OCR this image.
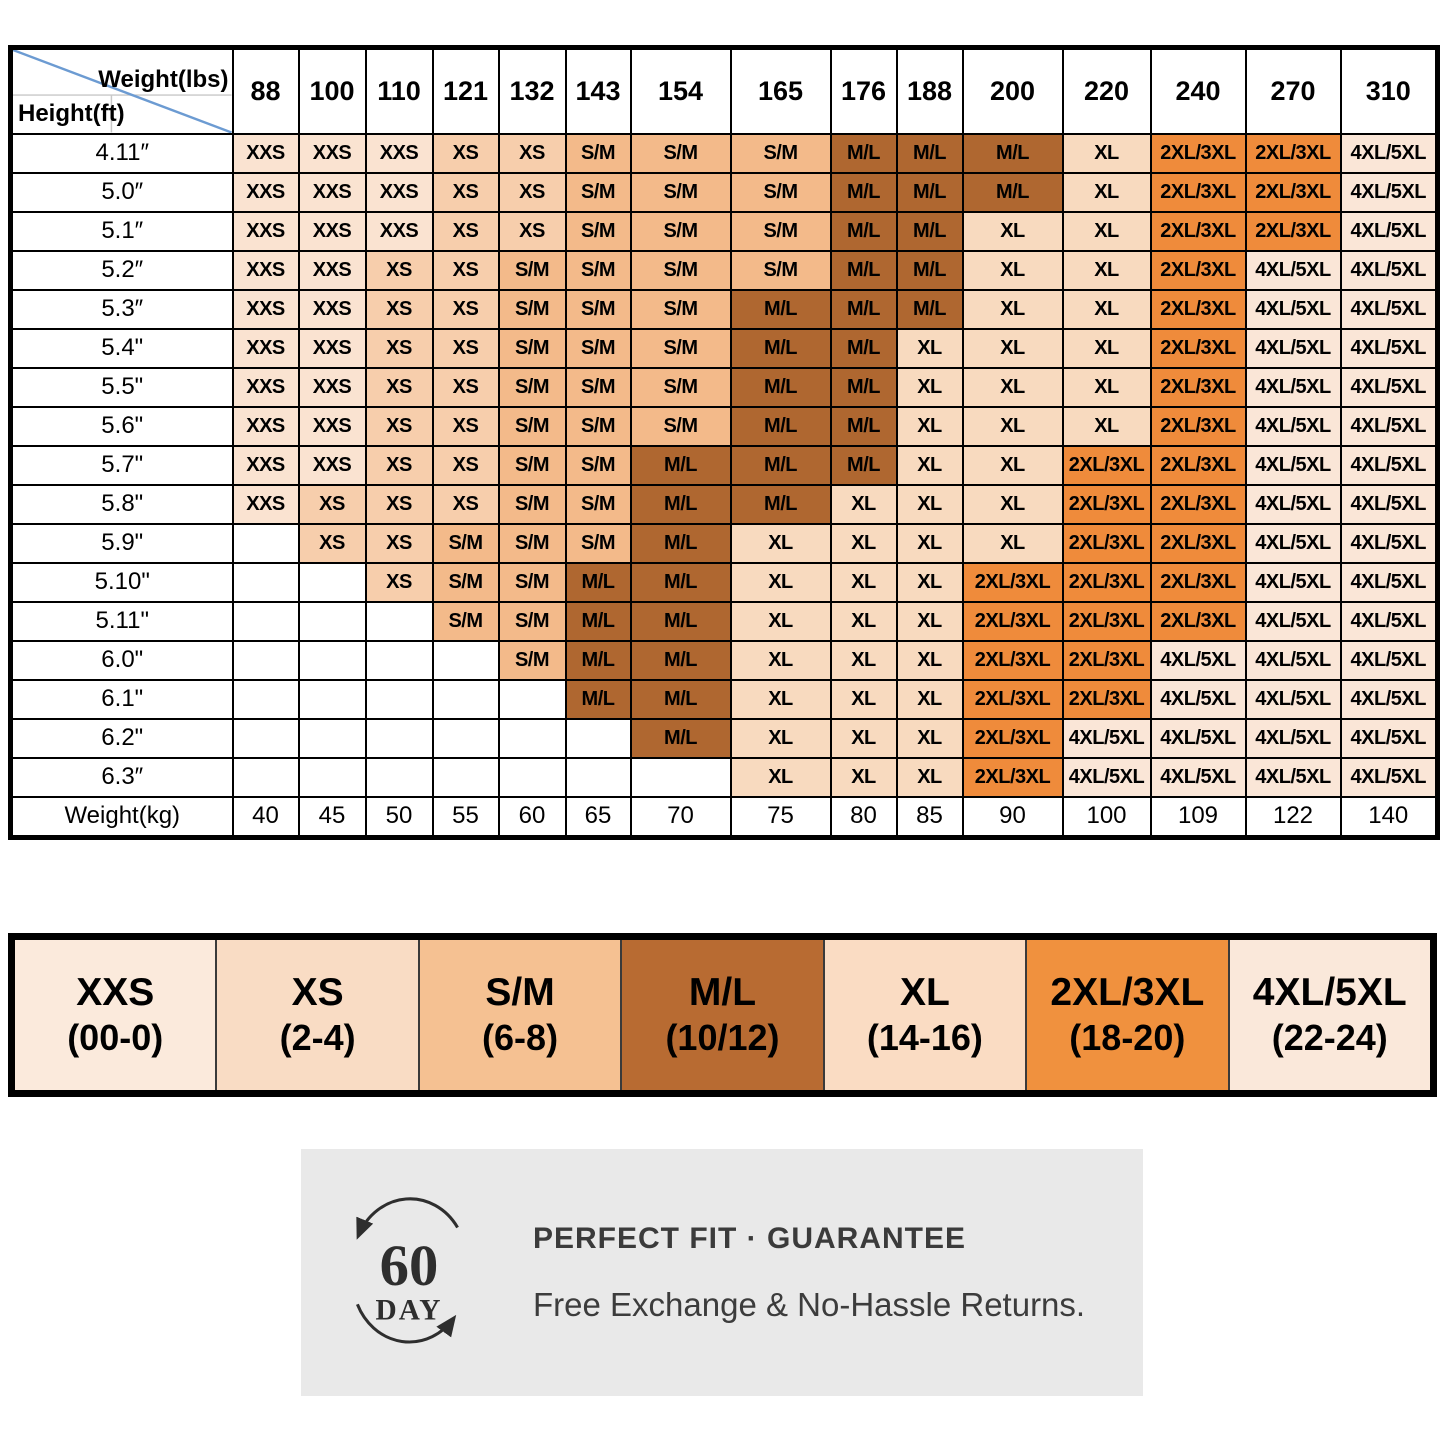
Weight(lbs)
Height(ft)	88	100	110	121	132	143	154	165	176	188	200	220	240	270	310
4.11″	XXS	XXS	XXS	XS	XS	S/M	S/M	S/M	M/L	M/L	M/L	XL	2XL/3XL	2XL/3XL	4XL/5XL
5.0″	XXS	XXS	XXS	XS	XS	S/M	S/M	S/M	M/L	M/L	M/L	XL	2XL/3XL	2XL/3XL	4XL/5XL
5.1″	XXS	XXS	XXS	XS	XS	S/M	S/M	S/M	M/L	M/L	XL	XL	2XL/3XL	2XL/3XL	4XL/5XL
5.2″	XXS	XXS	XS	XS	S/M	S/M	S/M	S/M	M/L	M/L	XL	XL	2XL/3XL	4XL/5XL	4XL/5XL
5.3″	XXS	XXS	XS	XS	S/M	S/M	S/M	M/L	M/L	M/L	XL	XL	2XL/3XL	4XL/5XL	4XL/5XL
5.4"	XXS	XXS	XS	XS	S/M	S/M	S/M	M/L	M/L	XL	XL	XL	2XL/3XL	4XL/5XL	4XL/5XL
5.5"	XXS	XXS	XS	XS	S/M	S/M	S/M	M/L	M/L	XL	XL	XL	2XL/3XL	4XL/5XL	4XL/5XL
5.6"	XXS	XXS	XS	XS	S/M	S/M	S/M	M/L	M/L	XL	XL	XL	2XL/3XL	4XL/5XL	4XL/5XL
5.7"	XXS	XXS	XS	XS	S/M	S/M	M/L	M/L	M/L	XL	XL	2XL/3XL	2XL/3XL	4XL/5XL	4XL/5XL
5.8"	XXS	XS	XS	XS	S/M	S/M	M/L	M/L	XL	XL	XL	2XL/3XL	2XL/3XL	4XL/5XL	4XL/5XL
5.9"		XS	XS	S/M	S/M	S/M	M/L	XL	XL	XL	XL	2XL/3XL	2XL/3XL	4XL/5XL	4XL/5XL
5.10"			XS	S/M	S/M	M/L	M/L	XL	XL	XL	2XL/3XL	2XL/3XL	2XL/3XL	4XL/5XL	4XL/5XL
5.11"				S/M	S/M	M/L	M/L	XL	XL	XL	2XL/3XL	2XL/3XL	2XL/3XL	4XL/5XL	4XL/5XL
6.0"					S/M	M/L	M/L	XL	XL	XL	2XL/3XL	2XL/3XL	4XL/5XL	4XL/5XL	4XL/5XL
6.1"						M/L	M/L	XL	XL	XL	2XL/3XL	2XL/3XL	4XL/5XL	4XL/5XL	4XL/5XL
6.2"							M/L	XL	XL	XL	2XL/3XL	4XL/5XL	4XL/5XL	4XL/5XL	4XL/5XL
6.3″								XL	XL	XL	2XL/3XL	4XL/5XL	4XL/5XL	4XL/5XL	4XL/5XL
Weight(kg)	40	45	50	55	60	65	70	75	80	85	90	100	109	122	140
XXS
(00-0)
XS
(2-4)
S/M
(6-8)
M/L
(10/12)
XL
(14-16)
2XL/3XL
(18-20)
4XL/5XL
(22-24)
60
DAY
PERFECT FIT · GUARANTEE
Free Exchange & No-Hassle Returns.
